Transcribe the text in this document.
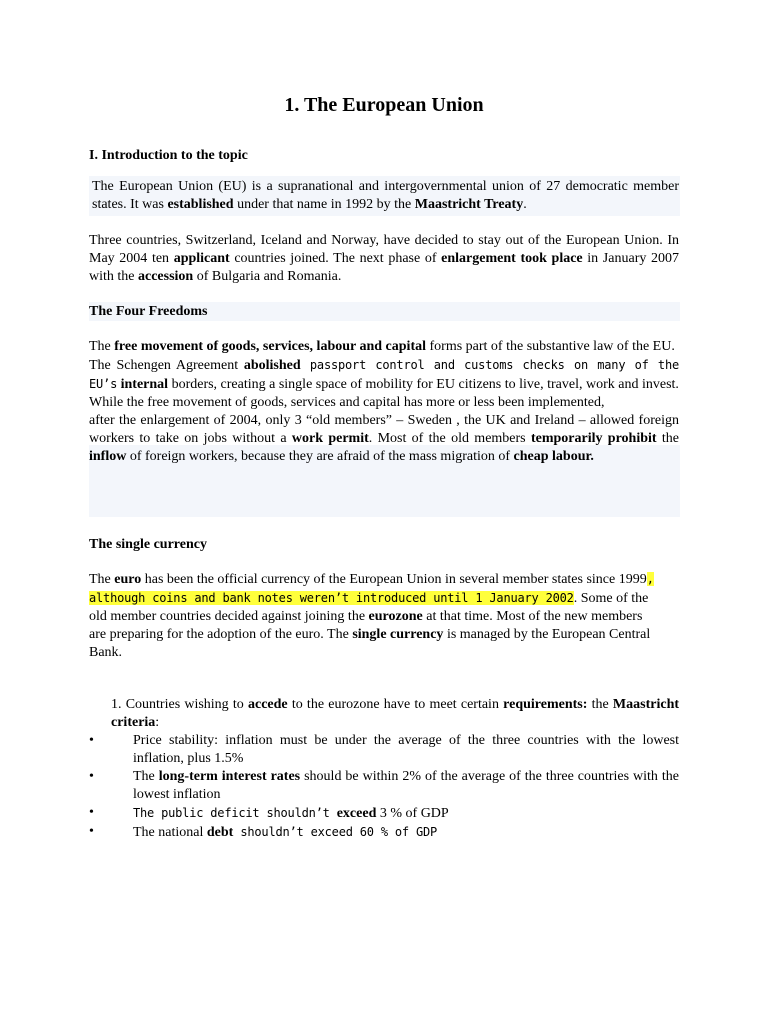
1. The European Union
I. Introduction to the topic
The European Union (EU) is a supranational and intergovernmental union of 27 democratic member states. It was established under that name in 1992 by the Maastricht Treaty.
Three countries, Switzerland, Iceland and Norway, have decided to stay out of the European Union. In May 2004 ten applicant countries joined. The next phase of enlargement took place in January 2007 with the accession of Bulgaria and Romania.
The Four Freedoms

The free movement of goods, services, labour and capital forms part of the substantive law of the EU.

The Schengen Agreement abolished passport control and customs checks on many of the EU’s internal borders, creating a single space of mobility for EU citizens to live, travel, work and invest.

While the free movement of goods, services and capital has more or less been implemented,

after the enlargement of 2004, only 3 “old members” – Sweden , the UK and Ireland – allowed foreign workers to take on jobs without a work permit. Most of the old members temporarily prohibit the inflow of foreign workers, because they are afraid of the mass migration of cheap labour.

The single currency
The euro has been the official currency of the European Union in several member states since 1999, although coins and bank notes weren’t introduced until 1 January 2002. Some of the old member countries decided against joining the eurozone at that time. Most of the new members are preparing for the adoption of the euro. The single currency is managed by the European Central Bank.

1. Countries wishing to accede to the eurozone have to meet certain requirements: the Maastricht criteria:

•	Price stability: inflation must be under the average of the three countries with the lowest inflation, plus 1.5%
•	The long-term interest rates should be within 2% of the average of the three countries with the lowest inflation
•	The public deficit shouldn’t exceed 3 % of GDP
•	The national debt shouldn’t exceed 60 % of GDP
